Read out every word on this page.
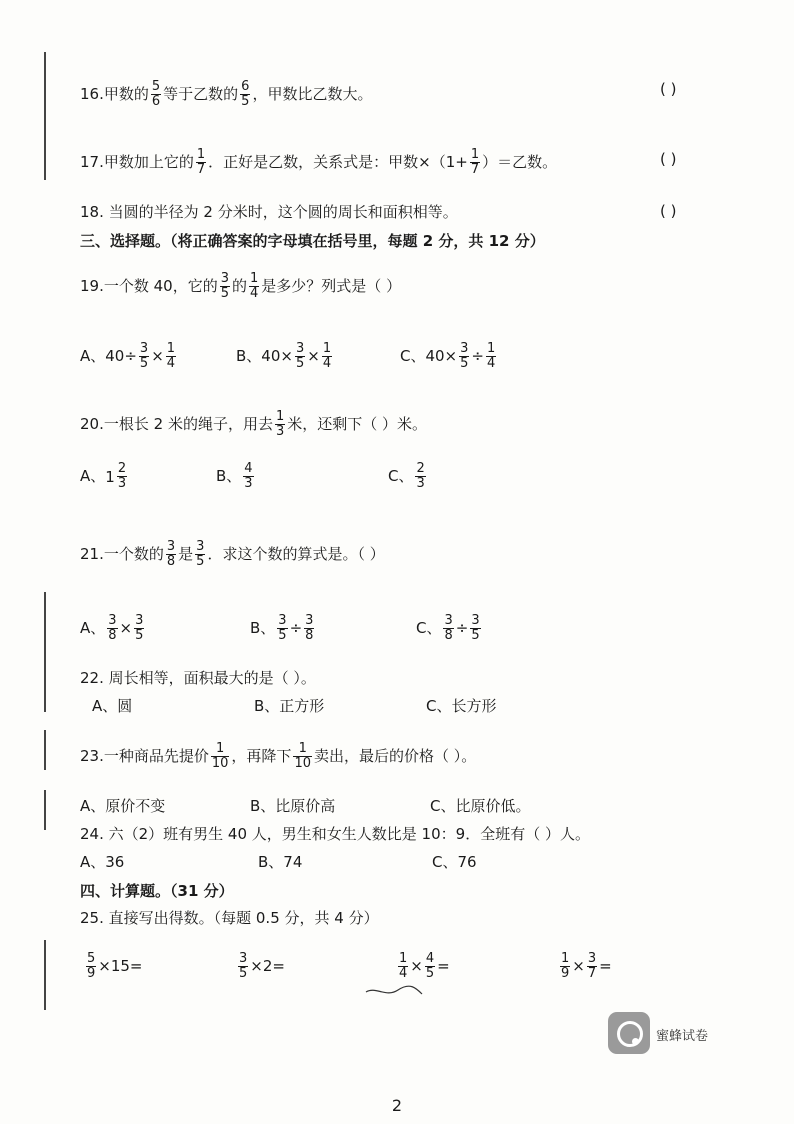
16.甲数的 $\frac{5}{6}$ 等于乙数的 $\frac{6}{5}$ ，甲数比乙数大。	( )
17.甲数加上它的 $\frac{1}{7}$ ．正好是乙数，关系式是：甲数$\times(1+ \frac{1}{7}$ ）＝乙数。	( )
18. 当圆的半径为 2 分米时，这个圆的周长和面积相等。	( )
三、选择题。（将正确答案的字母填在括号里，每题 2 分，共 12 分）
19.一个数 40，它的 $\frac{3}{5}$ 的 $\frac{1}{4}$ 是多少？列式是（ ）
A、$40\div \frac{3}{5} \times \frac{1}{4}$	B、$40\times \frac{3}{5} \times \frac{1}{4}$	C、$40\times \frac{3}{5} \div \frac{1}{4}$
20.一根长 2 米的绳子，用去 $\frac{1}{3}$ 米，还剩下（ ）米。
A、 $1 \frac{2}{3}$	B、 $\frac{4}{3}$	C、 $\frac{2}{3}$
21.一个数的 $\frac{3}{8}$ 是 $\frac{3}{5}$ ．求这个数的算式是。（ ）
A、 $\frac{3}{8} \times \frac{3}{5}$	B、 $\frac{3}{5} \div \frac{3}{8}$	C、 $\frac{3}{8} \div \frac{3}{5}$
22. 周长相等，面积最大的是（ ）。
A、圆	B、正方形	C、长方形
23.一种商品先提价 $\frac{1}{10}$ ，再降下 $\frac{1}{10}$ 卖出，最后的价格（ ）。
A、原价不变	B、比原价高	C、比原价低。
24. 六（2）班有男生 40 人，男生和女生人数比是 10：9．全班有（ ）人。
A、36	B、74	C、76
四、计算题。（31 分）
25. 直接写出得数。（每题 0.5 分，共 4 分）
$\frac{5}{9} \times 15=$	$\frac{3}{5} \times 2=$	$\frac{1}{4} \times \frac{4}{5}$ =	$\frac{1}{9} \times \frac{3}{7}$ =
蜜蜂试卷
2
